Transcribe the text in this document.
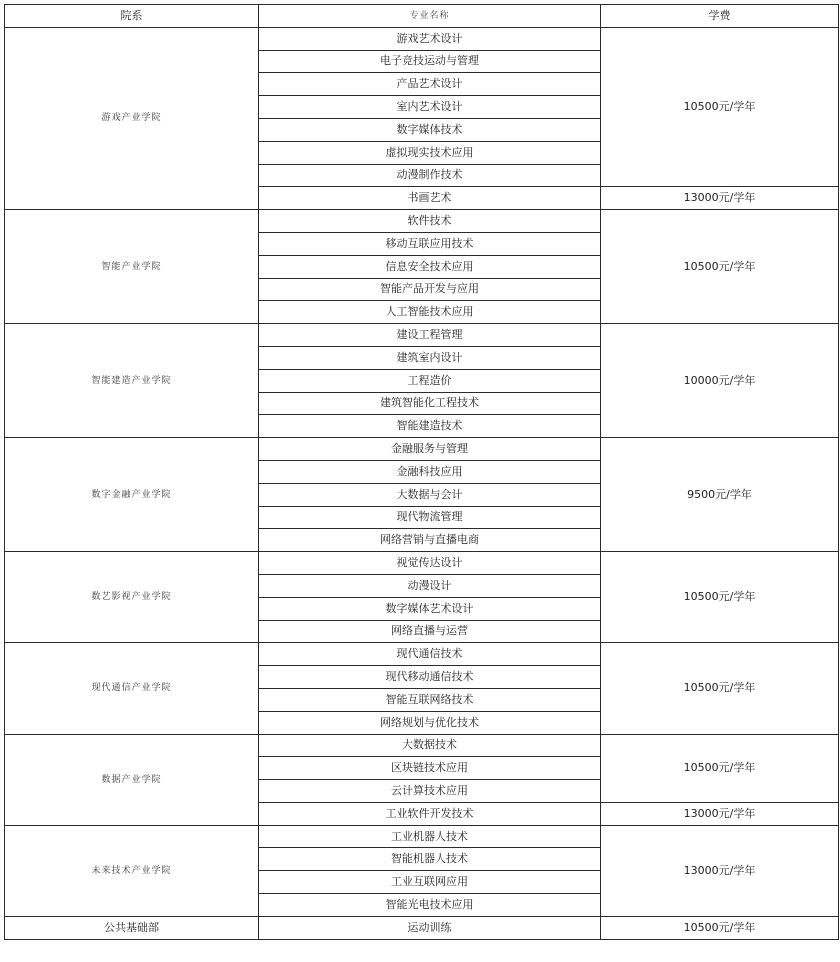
院系	专业名称	学费
游戏产业学院	游戏艺术设计	10500元/学年
	电子竞技运动与管理	
	产品艺术设计	
	室内艺术设计	
	数字媒体技术	
	虚拟现实技术应用	
	动漫制作技术	
	书画艺术	13000元/学年
智能产业学院	软件技术	10500元/学年
	移动互联应用技术	
	信息安全技术应用	
	智能产品开发与应用	
	人工智能技术应用	
智能建造产业学院	建设工程管理	10000元/学年
	建筑室内设计	
	工程造价	
	建筑智能化工程技术	
	智能建造技术	
数字金融产业学院	金融服务与管理	9500元/学年
	金融科技应用	
	大数据与会计	
	现代物流管理	
	网络营销与直播电商	
数艺影视产业学院	视觉传达设计	10500元/学年
	动漫设计	
	数字媒体艺术设计	
	网络直播与运营	
现代通信产业学院	现代通信技术	10500元/学年
	现代移动通信技术	
	智能互联网络技术	
	网络规划与优化技术	
数据产业学院	大数据技术	10500元/学年
	区块链技术应用	
	云计算技术应用	
	工业软件开发技术	13000元/学年
未来技术产业学院	工业机器人技术	13000元/学年
	智能机器人技术	
	工业互联网应用	
	智能光电技术应用	
公共基础部	运动训练	10500元/学年
